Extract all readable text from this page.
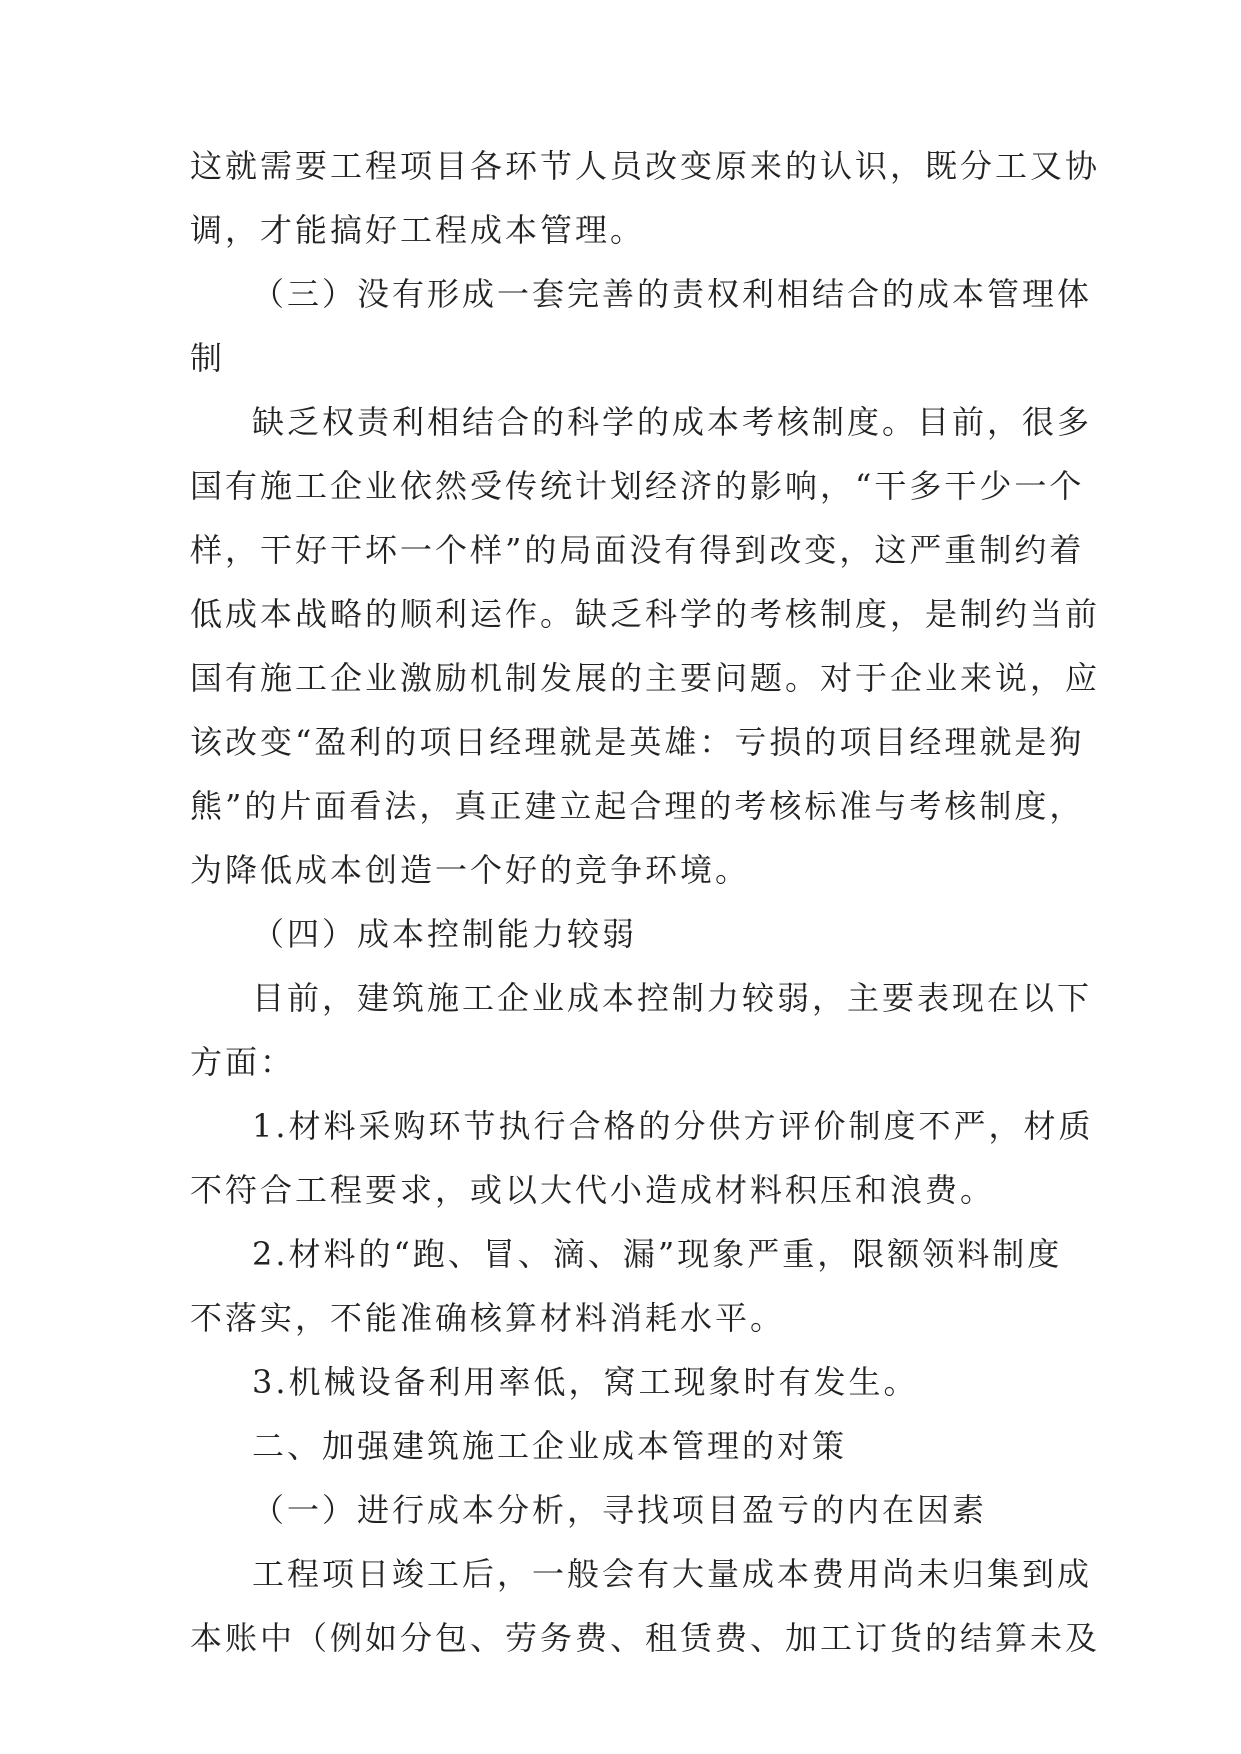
这就需要工程项目各环节人员改变原来的认识，既分工又协
调，才能搞好工程成本管理。
（三）没有形成一套完善的责权利相结合的成本管理体
制
缺乏权责利相结合的科学的成本考核制度。目前，很多
国有施工企业依然受传统计划经济的影响，“干多干少一个
样，干好干坏一个样”的局面没有得到改变，这严重制约着
低成本战略的顺利运作。缺乏科学的考核制度，是制约当前
国有施工企业激励机制发展的主要问题。对于企业来说，应
该改变“盈利的项日经理就是英雄：亏损的项目经理就是狗
熊”的片面看法，真正建立起合理的考核标准与考核制度，
为降低成本创造一个好的竞争环境。
（四）成本控制能力较弱
目前，建筑施工企业成本控制力较弱，主要表现在以下
方面：
1.材料采购环节执行合格的分供方评价制度不严，材质
不符合工程要求，或以大代小造成材料积压和浪费。
2.材料的“跑、冒、滴、漏”现象严重，限额领料制度
不落实，不能准确核算材料消耗水平。
3.机械设备利用率低，窝工现象时有发生。
二、加强建筑施工企业成本管理的对策
（一）进行成本分析，寻找项目盈亏的内在因素
工程项日竣工后，一般会有大量成本费用尚未归集到成
本账中（例如分包、劳务费、租赁费、加工订货的结算未及
